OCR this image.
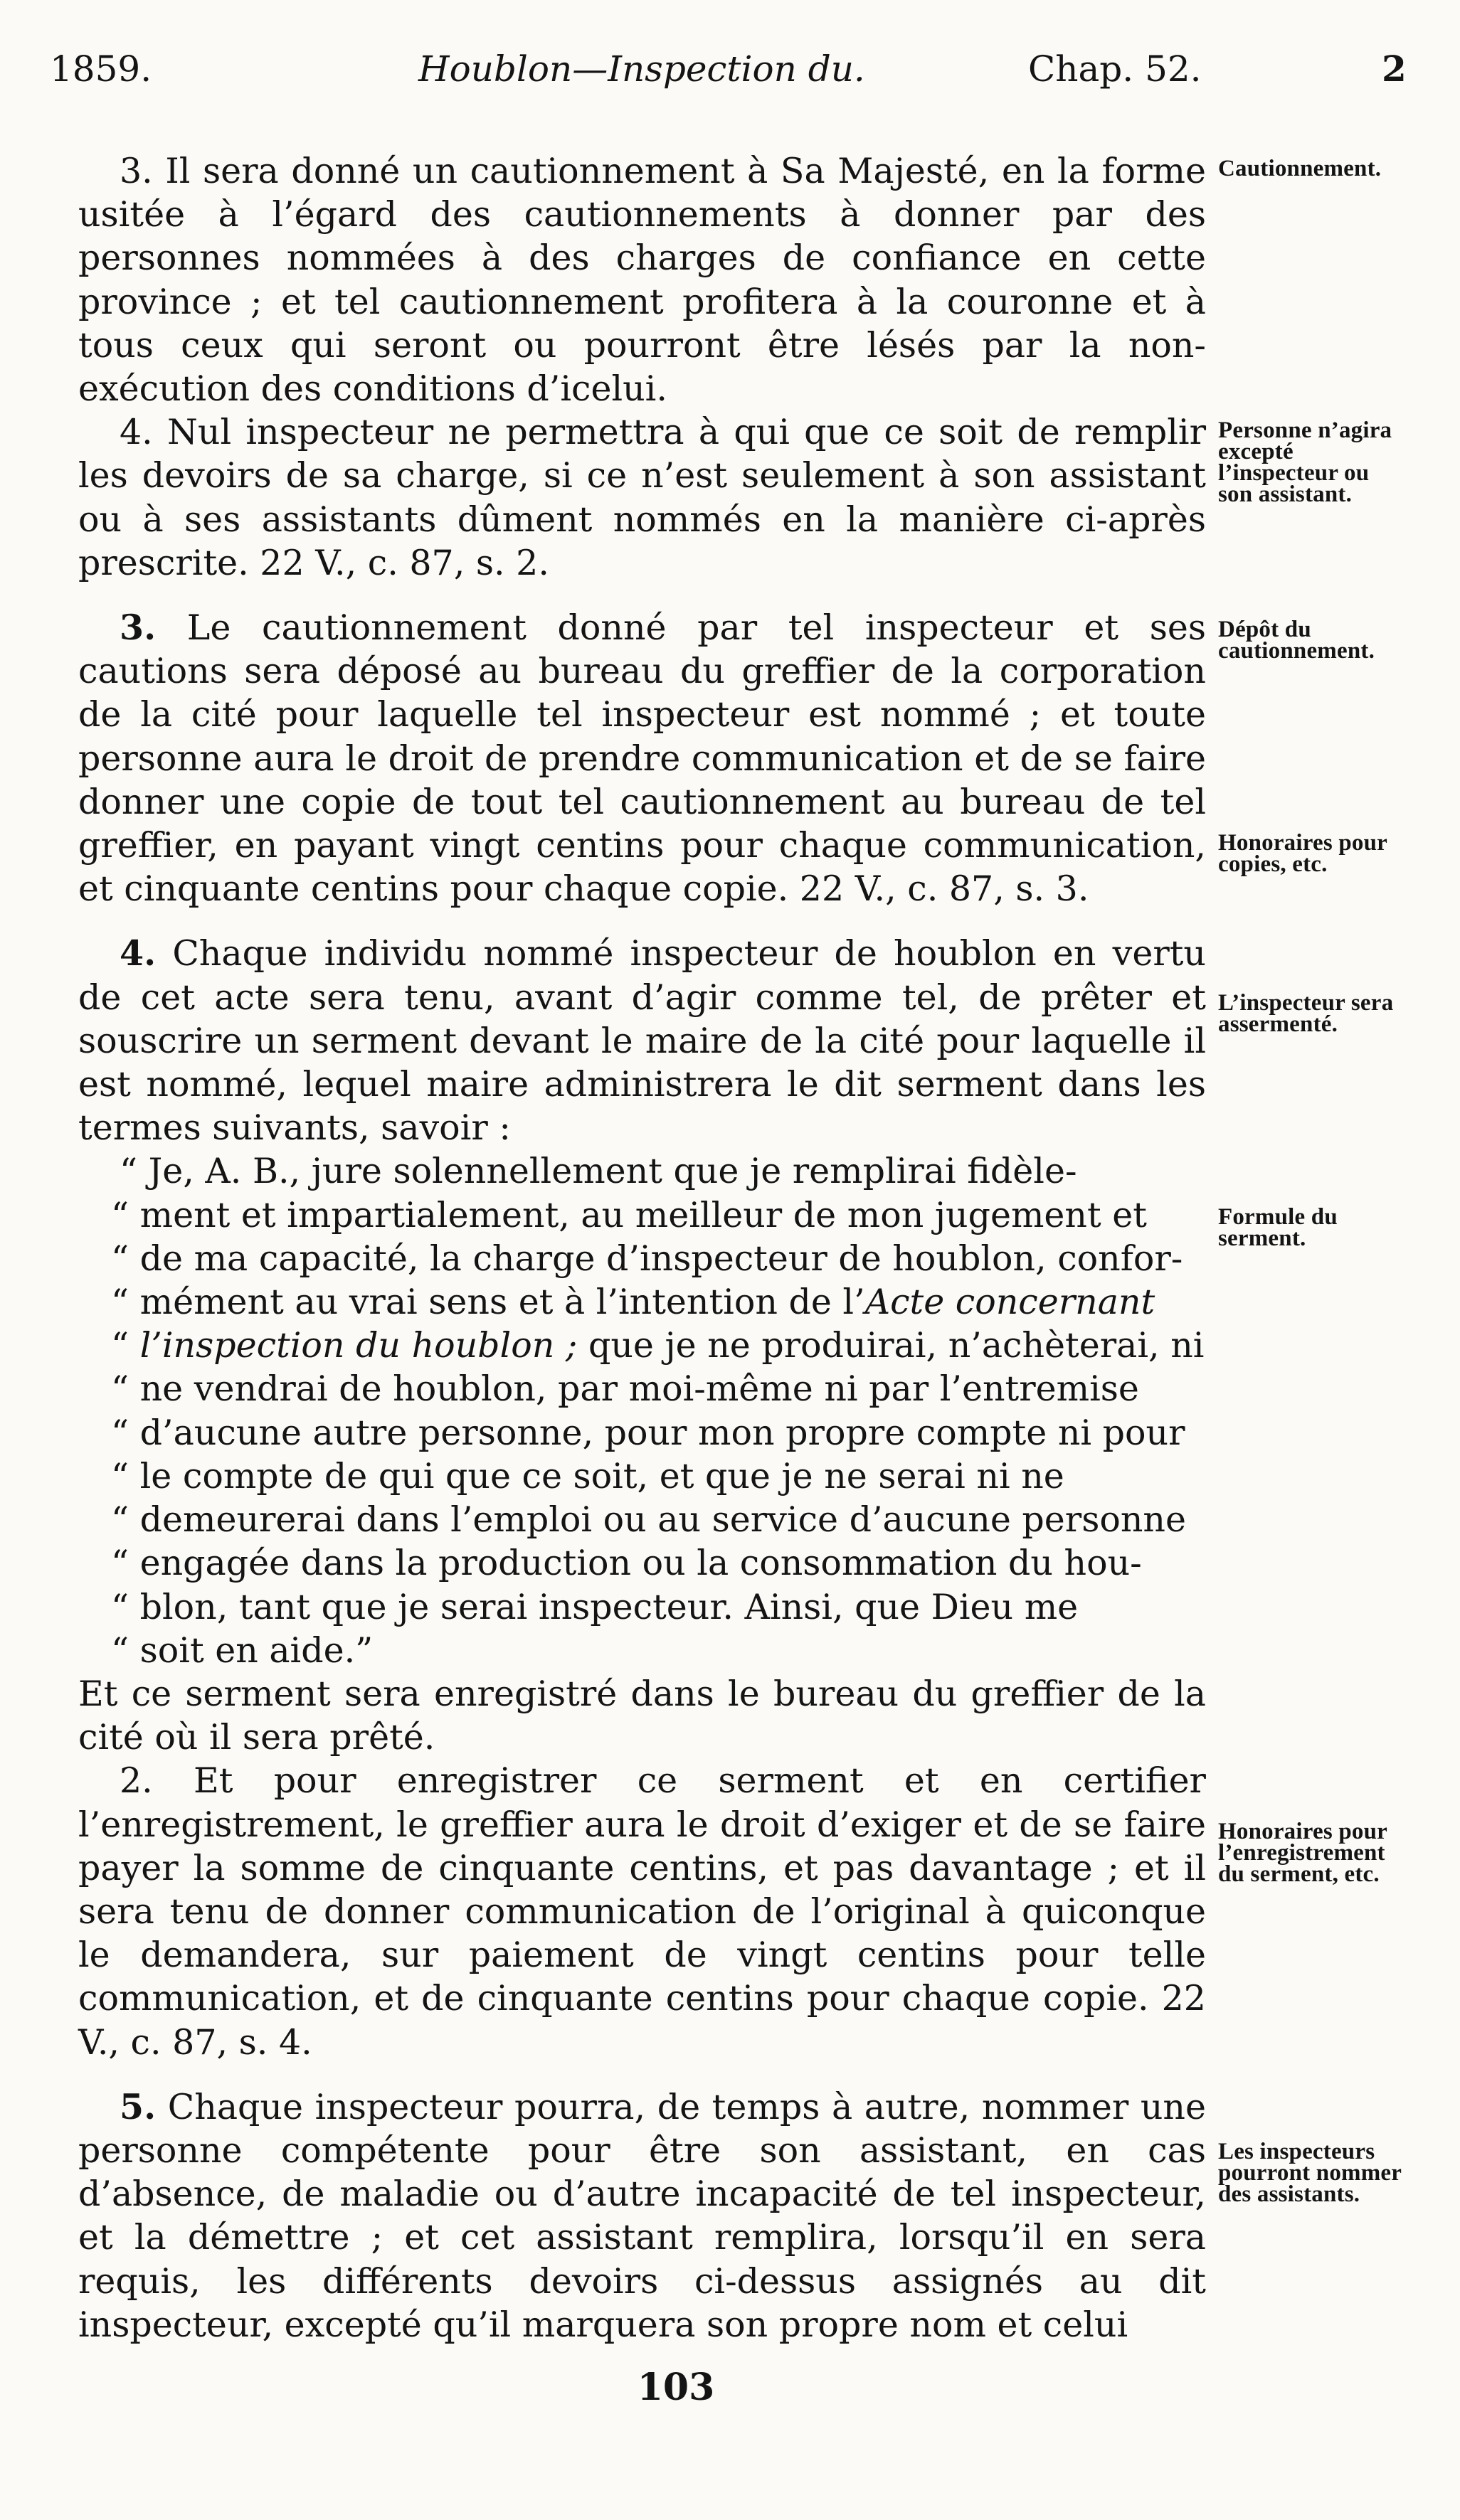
1859.	Houblon—Inspection du.	Chap. 52.	2

3. Il sera donné un cautionnement à Sa Majesté, en la forme usitée à l’égard des cautionnements à donner par des personnes nommées à des charges de confiance en cette province ; et tel cautionnement profitera à la couronne et à tous ceux qui seront ou pourront être lésés par la non-exécution des conditions d’icelui.

4. Nul inspecteur ne permettra à qui que ce soit de remplir les devoirs de sa charge, si ce n’est seulement à son assistant ou à ses assistants dûment nommés en la manière ci-après prescrite. 22 V., c. 87, s. 2.

3. Le cautionnement donné par tel inspecteur et ses cautions sera déposé au bureau du greffier de la corporation de la cité pour laquelle tel inspecteur est nommé ; et toute personne aura le droit de prendre communication et de se faire donner une copie de tout tel cautionnement au bureau de tel greffier, en payant vingt centins pour chaque communication, et cinquante centins pour chaque copie. 22 V., c. 87, s. 3.

4. Chaque individu nommé inspecteur de houblon en vertu de cet acte sera tenu, avant d’agir comme tel, de prêter et souscrire un serment devant le maire de la cité pour laquelle il est nommé, lequel maire administrera le dit serment dans les termes suivants, savoir :

“ Je, A. B., jure solennellement que je remplirai fidèle-

“ ment et impartialement, au meilleur de mon jugement et

“ de ma capacité, la charge d’inspecteur de houblon, confor-

“ mément au vrai sens et à l’intention de l’Acte concernant

“ l’inspection du houblon ; que je ne produirai, n’achèterai, ni

“ ne vendrai de houblon, par moi-même ni par l’entremise

“ d’aucune autre personne, pour mon propre compte ni pour

“ le compte de qui que ce soit, et que je ne serai ni ne

“ demeurerai dans l’emploi ou au service d’aucune personne

“ engagée dans la production ou la consommation du hou-

“ blon, tant que je serai inspecteur. Ainsi, que Dieu me

“ soit en aide.”

Et ce serment sera enregistré dans le bureau du greffier de la cité où il sera prêté.

2. Et pour enregistrer ce serment et en certifier l’enregistrement, le greffier aura le droit d’exiger et de se faire payer la somme de cinquante centins, et pas davantage ; et il sera tenu de donner communication de l’original à quiconque le demandera, sur paiement de vingt centins pour telle communication, et de cinquante centins pour chaque copie. 22 V., c. 87, s. 4.

5. Chaque inspecteur pourra, de temps à autre, nommer une personne compétente pour être son assistant, en cas d’absence, de maladie ou d’autre incapacité de tel inspecteur, et la démettre ; et cet assistant remplira, lorsqu’il en sera requis, les différents devoirs ci-dessus assignés au dit inspecteur, excepté qu’il marquera son propre nom et celui

Cautionnement.
Personne n’agira excepté l’inspecteur ou son assistant.
Dépôt du cautionnement.
Honoraires pour copies, etc.
L’inspecteur sera assermenté.
Formule du serment.
Honoraires pour l’enregistrement du serment, etc.
Les inspecteurs pourront nommer des assistants.
103
